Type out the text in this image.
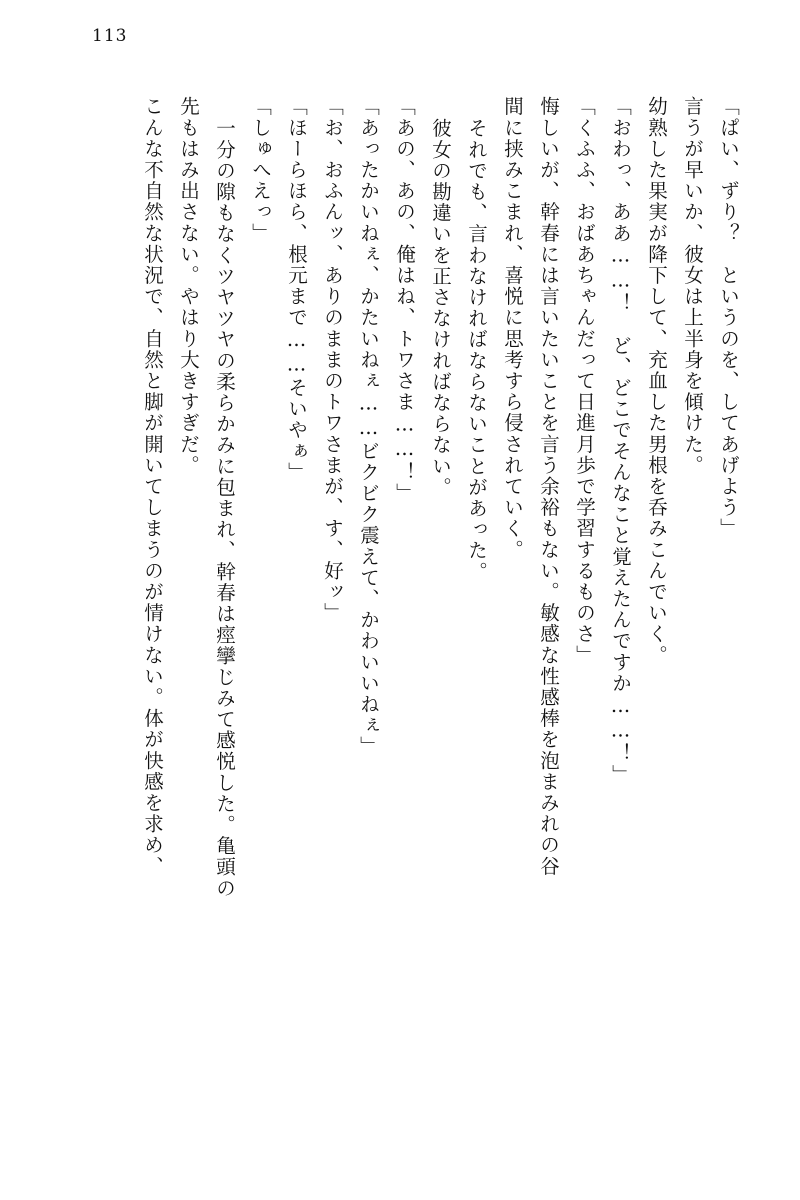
113
「ぱい、ずり？　というのを、してあげよう」
言うが早いか、彼女は上半身を傾けた。
幼熟した果実が降下して、充血した男根を呑みこんでいく。
「おわっ、ああ……！　ど、どこでそんなこと覚えたんですか……！」
「くふふ、おばあちゃんだって日進月歩で学習するものさ」
悔しいが、幹春には言いたいことを言う余裕もない。敏感な性感棒を泡まみれの谷
間に挟みこまれ、喜悦に思考すら侵されていく。
それでも、言わなければならないことがあった。
彼女の勘違いを正さなければならない。
「あの、あの、俺はね、トワさま……！」
「あったかいねぇ、かたいねぇ……ビクビク震えて、かわいいねぇ」
「お、おふんッ、ありのままのトワさまが、す、好ッ」
「ほーらほら、根元まで……そいやぁ」
「しゅへえっ」
一分の隙もなくツヤツヤの柔らかみに包まれ、幹春は痙攣じみて感悦した。亀頭の
先もはみ出さない。やはり大きすぎだ。
こんな不自然な状況で、自然と脚が開いてしまうのが情けない。体が快感を求め、
